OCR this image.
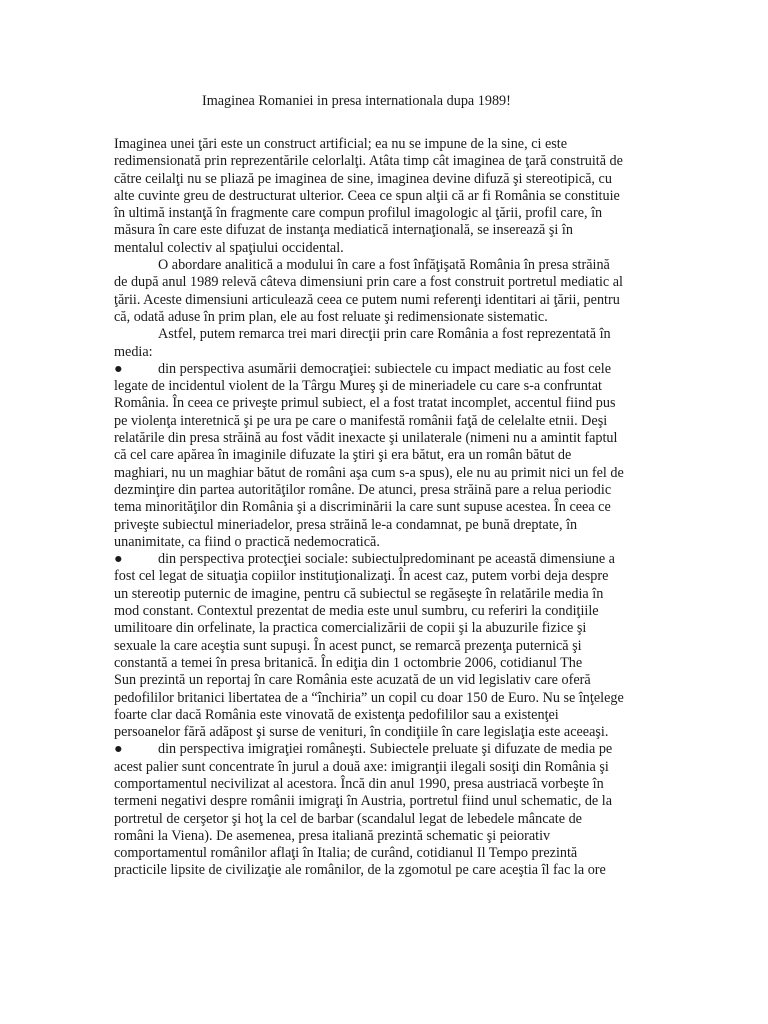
Imaginea Romaniei in presa internationala dupa 1989!
Imaginea unei ţări este un construct artificial; ea nu se impune de la sine, ci este
redimensionată prin reprezentările celorlalţi. Atâta timp cât imaginea de ţară construită de
către ceilalţi nu se pliază pe imaginea de sine, imaginea devine difuză şi stereotipică, cu
alte cuvinte greu de destructurat ulterior. Ceea ce spun alţii că ar fi România se constituie
în ultimă instanţă în fragmente care compun profilul imagologic al ţării, profil care, în
măsura în care este difuzat de instanţa mediatică internaţională, se inserează şi în
mentalul colectiv al spaţiului occidental.
O abordare analitică a modului în care a fost înfăţişată România în presa străină
de după anul 1989 relevă câteva dimensiuni prin care a fost construit portretul mediatic al
ţării. Aceste dimensiuni articulează ceea ce putem numi referenţi identitari ai ţării, pentru
că, odată aduse în prim plan, ele au fost reluate şi redimensionate sistematic.
Astfel, putem remarca trei mari direcţii prin care România a fost reprezentată în
media:
● din perspectiva asumării democraţiei: subiectele cu impact mediatic au fost cele
legate de incidentul violent de la Târgu Mureş şi de mineriadele cu care s-a confruntat
România. În ceea ce priveşte primul subiect, el a fost tratat incomplet, accentul fiind pus
pe violenţa interetnică şi pe ura pe care o manifestă românii faţă de celelalte etnii. Deşi
relatările din presa străină au fost vădit inexacte şi unilaterale (nimeni nu a amintit faptul
că cel care apărea în imaginile difuzate la ştiri şi era bătut, era un român bătut de
maghiari, nu un maghiar bătut de români aşa cum s-a spus), ele nu au primit nici un fel de
dezminţire din partea autorităţilor române. De atunci, presa străină pare a relua periodic
tema minorităţilor din România şi a discriminării la care sunt supuse acestea. În ceea ce
priveşte subiectul mineriadelor, presa străină le-a condamnat, pe bună dreptate, în
unanimitate, ca fiind o practică nedemocratică.
● din perspectiva protecţiei sociale: subiectulpredominant pe această dimensiune a
fost cel legat de situaţia copiilor instituţionalizaţi. În acest caz, putem vorbi deja despre
un stereotip puternic de imagine, pentru că subiectul se regăseşte în relatările media în
mod constant. Contextul prezentat de media este unul sumbru, cu referiri la condiţiile
umilitoare din orfelinate, la practica comercializării de copii şi la abuzurile fizice şi
sexuale la care aceştia sunt supuşi. În acest punct, se remarcă prezenţa puternică şi
constantă a temei în presa britanică. În ediţia din 1 octombrie 2006, cotidianul The
Sun prezintă un reportaj în care România este acuzată de un vid legislativ care oferă
pedofililor britanici libertatea de a “închiria” un copil cu doar 150 de Euro. Nu se înţelege
foarte clar dacă România este vinovată de existenţa pedofililor sau a existenţei
persoanelor fără adăpost şi surse de venituri, în condiţiile în care legislaţia este aceeaşi.
● din perspectiva imigraţiei româneşti. Subiectele preluate şi difuzate de media pe
acest palier sunt concentrate în jurul a două axe: imigranţii ilegali sosiţi din România şi
comportamentul necivilizat al acestora. Încă din anul 1990, presa austriacă vorbeşte în
termeni negativi despre românii imigraţi în Austria, portretul fiind unul schematic, de la
portretul de cerşetor şi hoţ la cel de barbar (scandalul legat de lebedele mâncate de
români la Viena). De asemenea, presa italiană prezintă schematic şi peiorativ
comportamentul românilor aflaţi în Italia; de curând, cotidianul Il Tempo prezintă
practicile lipsite de civilizaţie ale românilor, de la zgomotul pe care aceştia îl fac la ore
